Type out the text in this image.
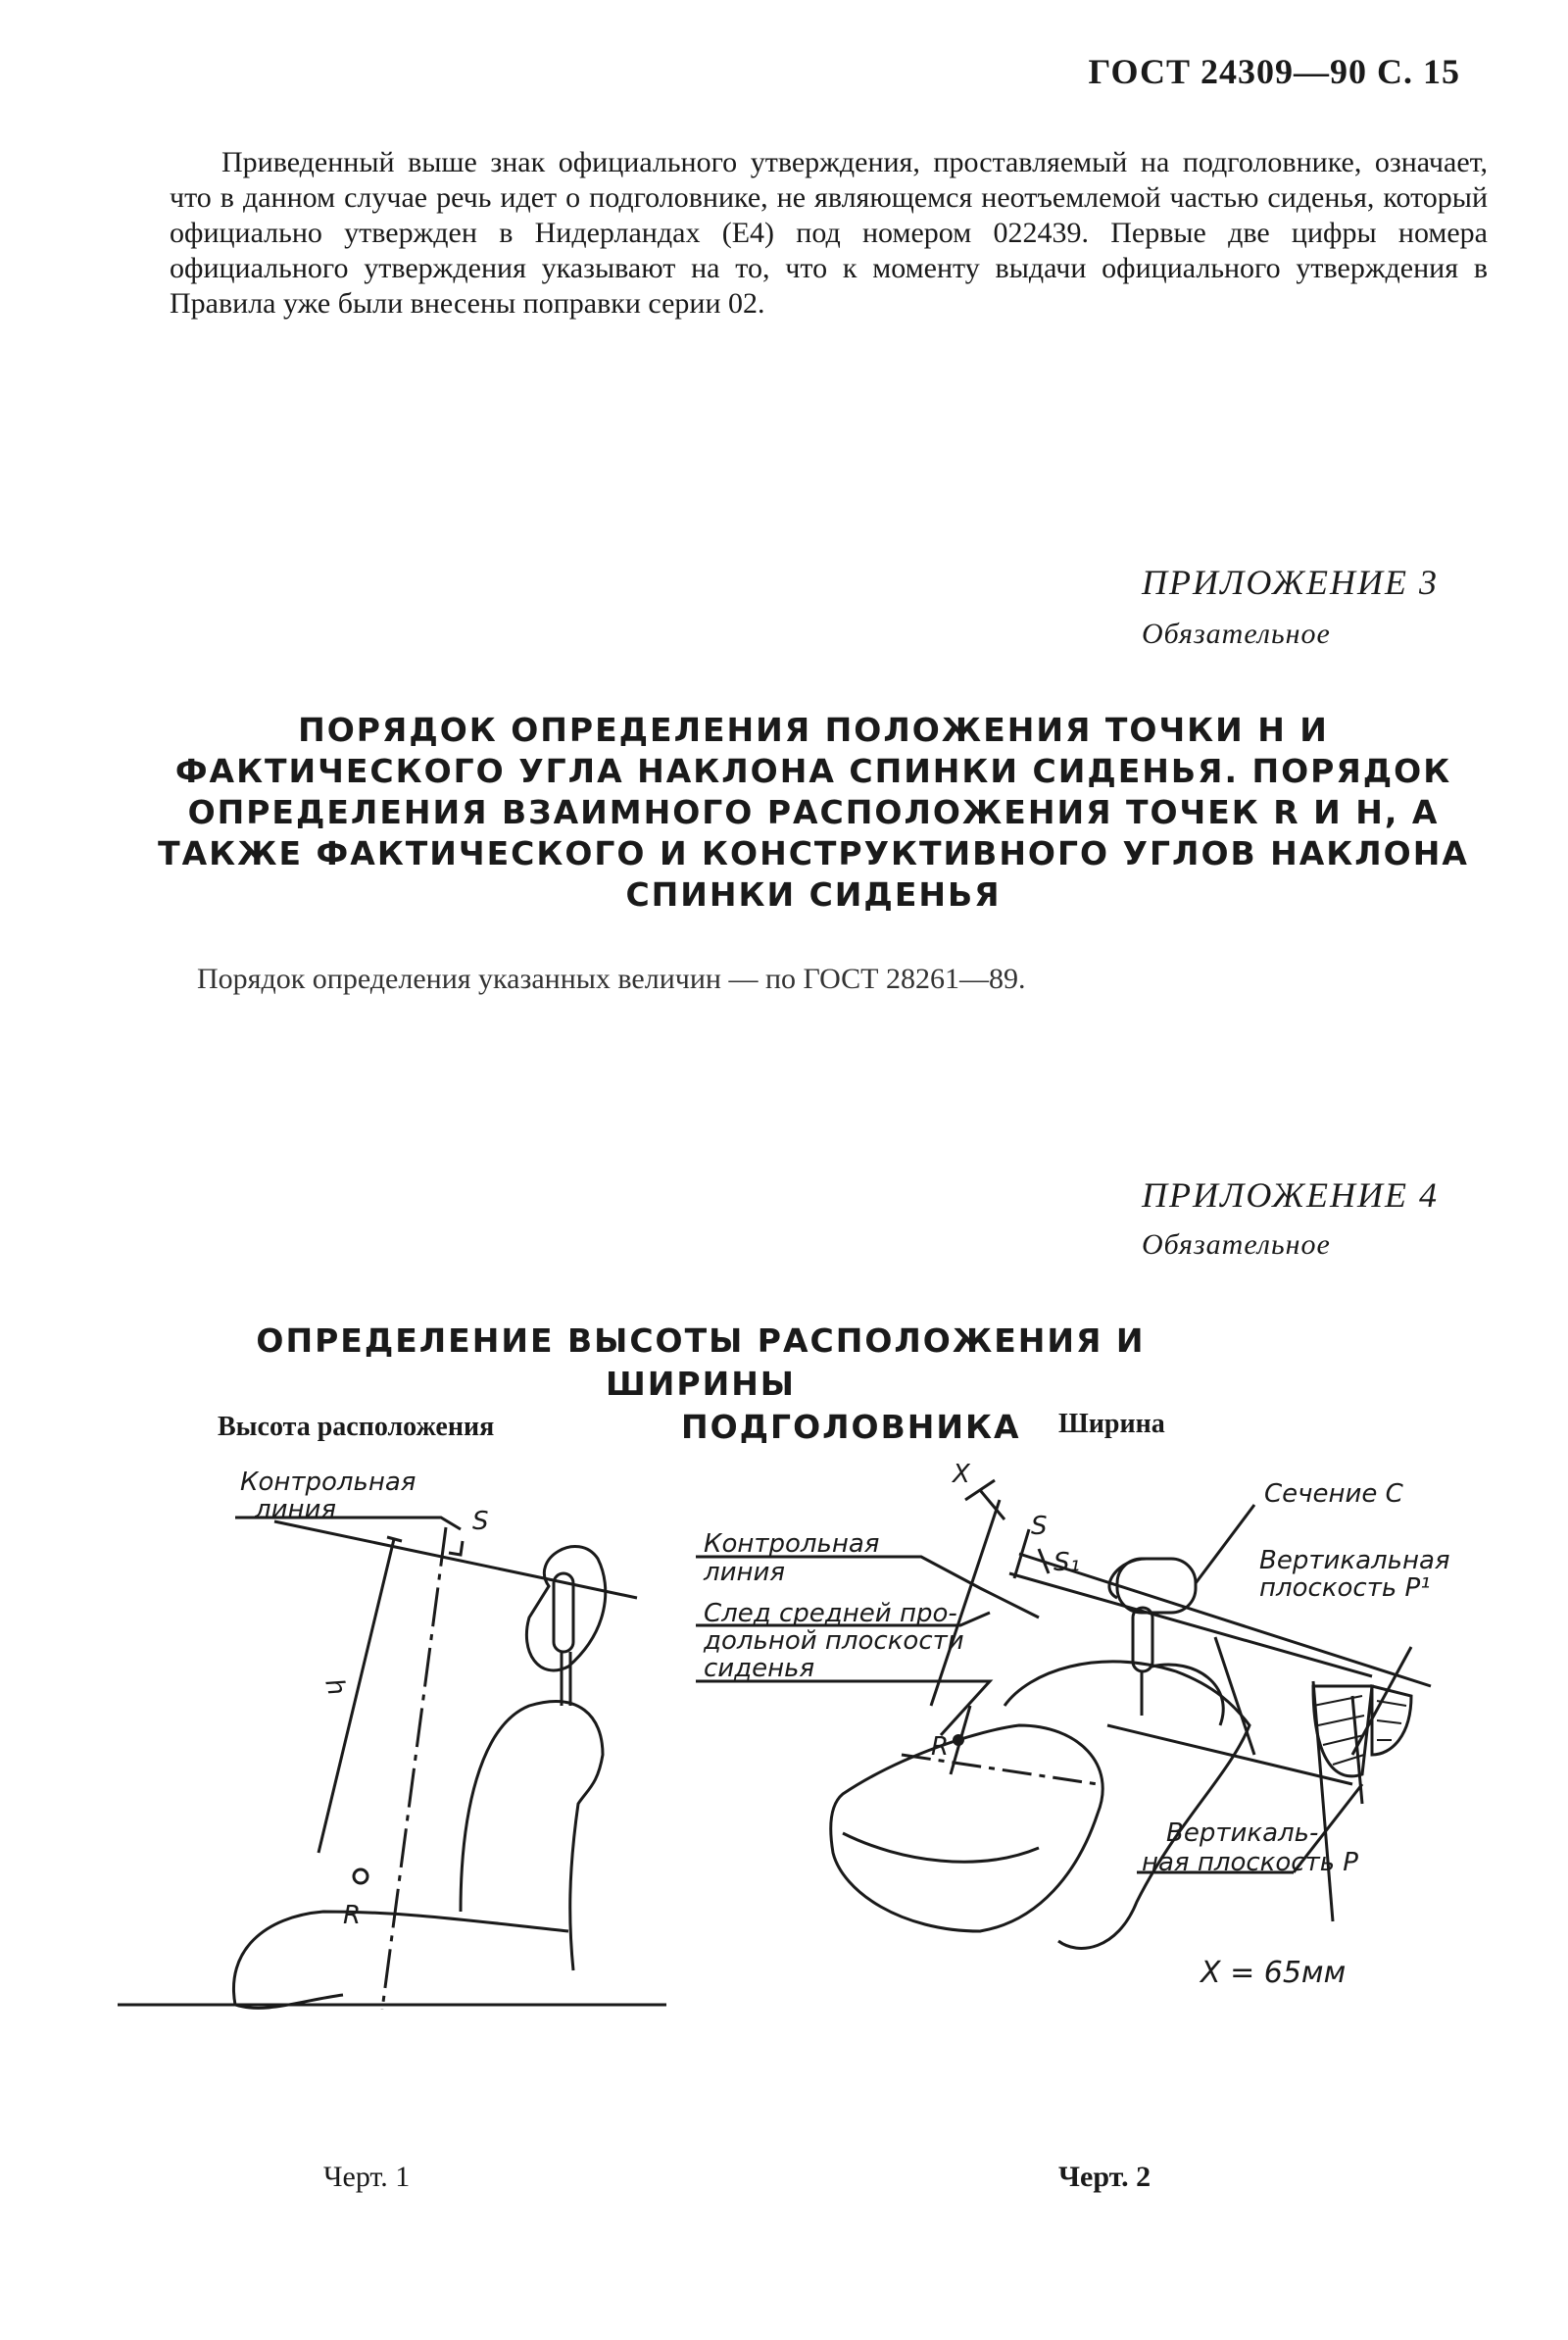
ГОСТ 24309—90 С. 15

Приведенный выше знак официального утверждения, проставляемый на подголовнике, означает, что в данном случае речь идет о подголовнике, не являющемся неотъемлемой частью сиденья, который официально утвержден в Нидерландах (Е4) под номером 022439. Первые две цифры номера официального утверждения указывают на то, что к моменту выдачи официального утверждения в Правила уже были внесены поправки серии 02.

ПРИЛОЖЕНИЕ 3
Обязательное

ПОРЯДОК ОПРЕДЕЛЕНИЯ ПОЛОЖЕНИЯ ТОЧКИ H И ФАКТИЧЕСКОГО УГЛА НАКЛОНА СПИНКИ СИДЕНЬЯ. ПОРЯДОК ОПРЕДЕЛЕНИЯ ВЗАИМНОГО РАСПОЛОЖЕНИЯ ТОЧЕК R И H, А ТАКЖЕ ФАКТИЧЕСКОГО И КОНСТРУКТИВНОГО УГЛОВ НАКЛОНА СПИНКИ СИДЕНЬЯ

Порядок определения указанных величин — по ГОСТ 28261—89.
ПРИЛОЖЕНИЕ 4
Обязательное
ОПРЕДЕЛЕНИЕ ВЫСОТЫ РАСПОЛОЖЕНИЯ И ШИРИНЫ
ПОДГОЛОВНИКА
Высота расположения	Ширина
Контрольная
линия	S
h
R
X
S
S₁
Сечение С
Контрольная
линия	Вертикальная
плоскость P¹
След средней про-
дольной плоскости
сиденья
R
Вертикаль-
ная плоскость P
X = 65мм
Черт. 1	Черт. 2
